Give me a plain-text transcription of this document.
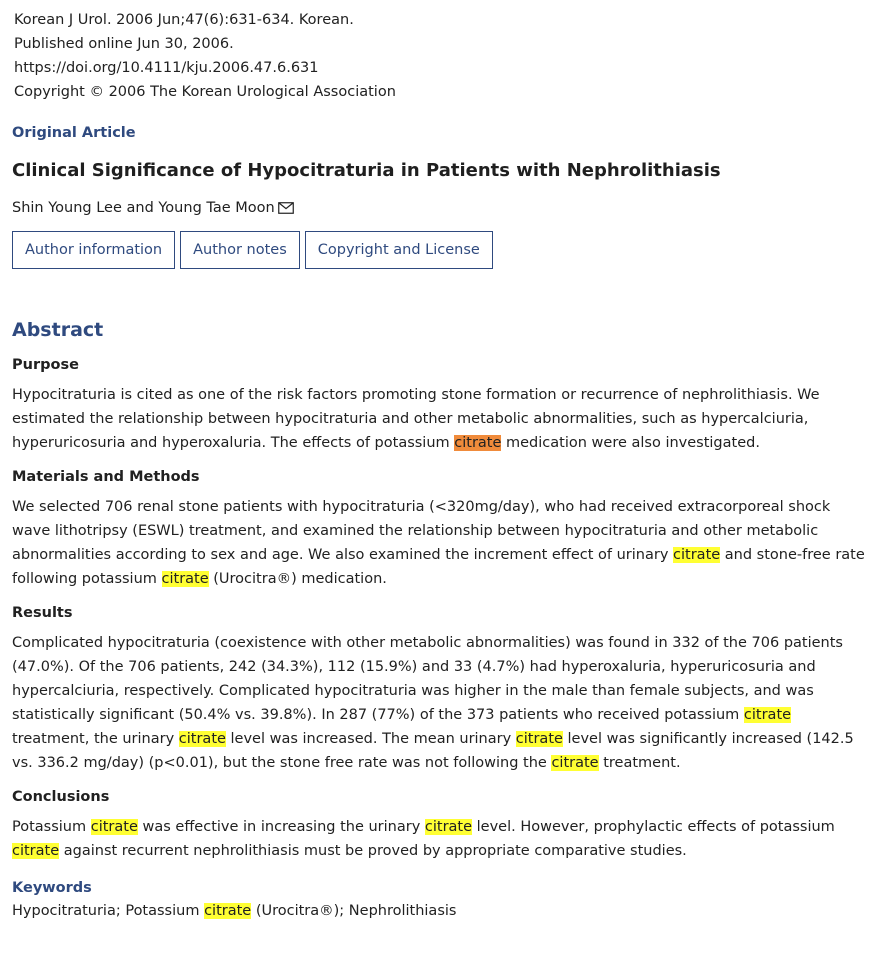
Korean J Urol. 2006 Jun;47(6):631-634. Korean.
Published online Jun 30, 2006.
https://doi.org/10.4111/kju.2006.47.6.631
Copyright © 2006 The Korean Urological Association
Original Article
Clinical Significance of Hypocitraturia in Patients with Nephrolithiasis
Shin Young Lee and Young Tae Moon
Author information	Author notes	Copyright and License
Abstract
Purpose
Hypocitraturia is cited as one of the risk factors promoting stone formation or recurrence of nephrolithiasis. We estimated the relationship between hypocitraturia and other metabolic abnormalities, such as hypercalciuria, hyperuricosuria and hyperoxaluria. The effects of potassium citrate medication were also investigated.
Materials and Methods
We selected 706 renal stone patients with hypocitraturia (<320mg/day), who had received extracorporeal shock wave lithotripsy (ESWL) treatment, and examined the relationship between hypocitraturia and other metabolic abnormalities according to sex and age. We also examined the increment effect of urinary citrate and stone-free rate following potassium citrate (Urocitra®) medication.
Results
Complicated hypocitraturia (coexistence with other metabolic abnormalities) was found in 332 of the 706 patients (47.0%). Of the 706 patients, 242 (34.3%), 112 (15.9%) and 33 (4.7%) had hyperoxaluria, hyperuricosuria and hypercalciuria, respectively. Complicated hypocitraturia was higher in the male than female subjects, and was statistically significant (50.4% vs. 39.8%). In 287 (77%) of the 373 patients who received potassium citrate treatment, the urinary citrate level was increased. The mean urinary citrate level was significantly increased (142.5 vs. 336.2 mg/day) (p<0.01), but the stone free rate was not following the citrate treatment.
Conclusions
Potassium citrate was effective in increasing the urinary citrate level. However, prophylactic effects of potassium citrate against recurrent nephrolithiasis must be proved by appropriate comparative studies.
Keywords
Hypocitraturia; Potassium citrate (Urocitra®); Nephrolithiasis
